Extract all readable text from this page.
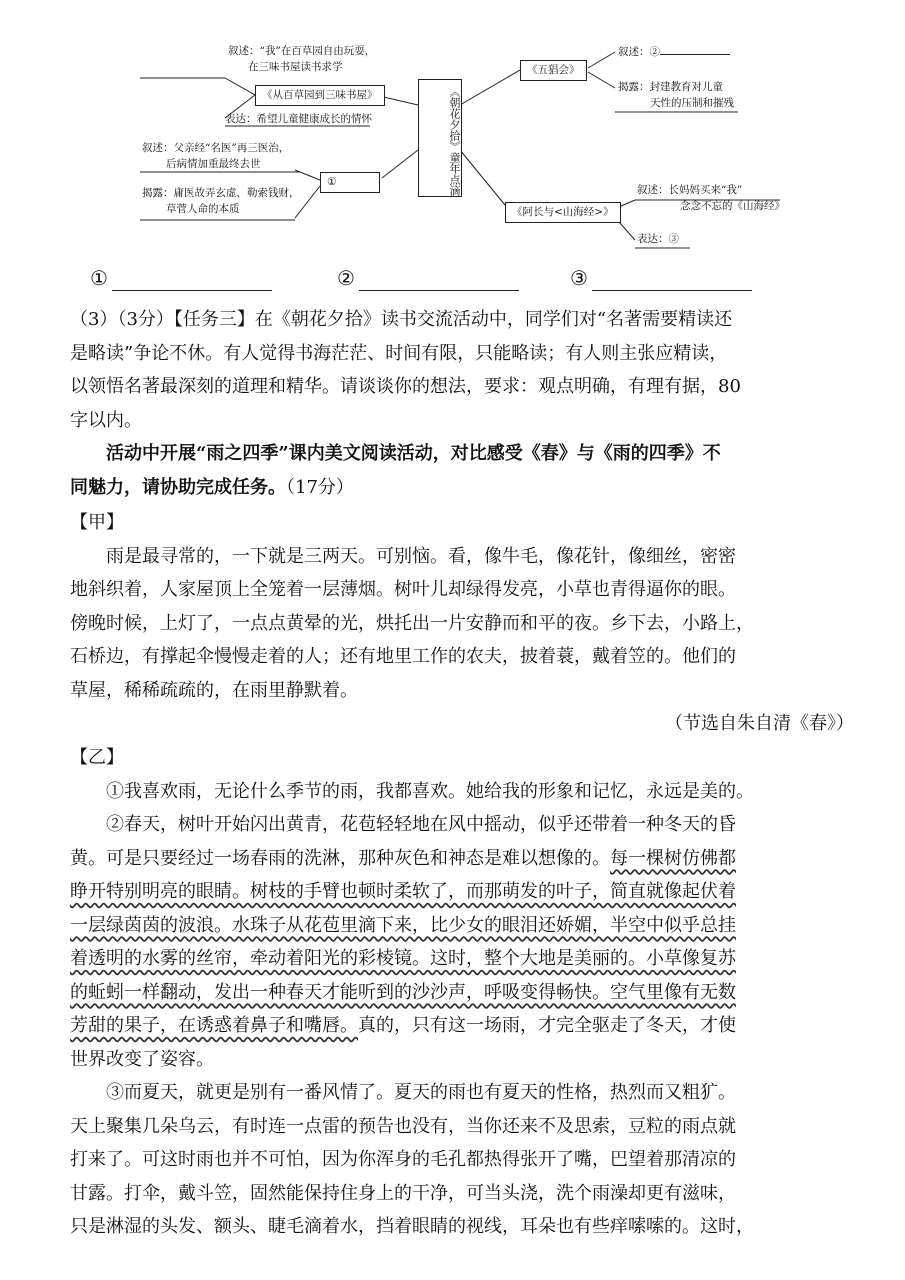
《朝花夕拾》童年点滴
叙述：“我”在百草园自由玩耍，
在三味书屋读书求学
《从百草园到三味书屋》
表达：希望儿童健康成长的情怀
叙述：父亲经“名医”再三医治，
后病情加重最终去世
①
揭露：庸医故弄玄虚，勒索钱财，
草菅人命的本质
《五猖会》
叙述：②
揭露：封建教育对儿童
天性的压制和摧残
《阿长与<山海经>》
叙述：长妈妈买来“我”
念念不忘的《山海经》
表达：③
①	②	③

（3）（3分）【任务三】在《朝花夕拾》读书交流活动中，同学们对“名著需要精读还

是略读”争论不休。有人觉得书海茫茫、时间有限，只能略读；有人则主张应精读，

以领悟名著最深刻的道理和精华。请谈谈你的想法，要求：观点明确，有理有据，80

字以内。

活动中开展“雨之四季”课内美文阅读活动，对比感受《春》与《雨的四季》不

同魅力，请协助完成任务。（17分）

【甲】

雨是最寻常的，一下就是三两天。可别恼。看，像牛毛，像花针，像细丝，密密

地斜织着，人家屋顶上全笼着一层薄烟。树叶儿却绿得发亮，小草也青得逼你的眼。

傍晚时候，上灯了，一点点黄晕的光，烘托出一片安静而和平的夜。乡下去，小路上，

石桥边，有撑起伞慢慢走着的人；还有地里工作的农夫，披着蓑，戴着笠的。他们的

草屋，稀稀疏疏的，在雨里静默着。

（节选自朱自清《春》）

【乙】

①我喜欢雨，无论什么季节的雨，我都喜欢。她给我的形象和记忆，永远是美的。

②春天，树叶开始闪出黄青，花苞轻轻地在风中摇动，似乎还带着一种冬天的昏

黄。可是只要经过一场春雨的洗淋，那种灰色和神态是难以想像的。每一棵树仿佛都

睁开特别明亮的眼睛。树枝的手臂也顿时柔软了，而那萌发的叶子，简直就像起伏着

一层绿茵茵的波浪。水珠子从花苞里滴下来，比少女的眼泪还娇媚，半空中似乎总挂

着透明的水雾的丝帘，牵动着阳光的彩棱镜。这时，整个大地是美丽的。小草像复苏

的蚯蚓一样翻动，发出一种春天才能听到的沙沙声，呼吸变得畅快。空气里像有无数

芳甜的果子，在诱惑着鼻子和嘴唇。真的，只有这一场雨，才完全驱走了冬天，才使

世界改变了姿容。

③而夏天，就更是别有一番风情了。夏天的雨也有夏天的性格，热烈而又粗犷。

天上聚集几朵乌云，有时连一点雷的预告也没有，当你还来不及思索，豆粒的雨点就

打来了。可这时雨也并不可怕，因为你浑身的毛孔都热得张开了嘴，巴望着那清凉的

甘露。打伞，戴斗笠，固然能保持住身上的干净，可当头浇，洗个雨澡却更有滋味，

只是淋湿的头发、额头、睫毛滴着水，挡着眼睛的视线，耳朵也有些痒嗦嗦的。这时，
